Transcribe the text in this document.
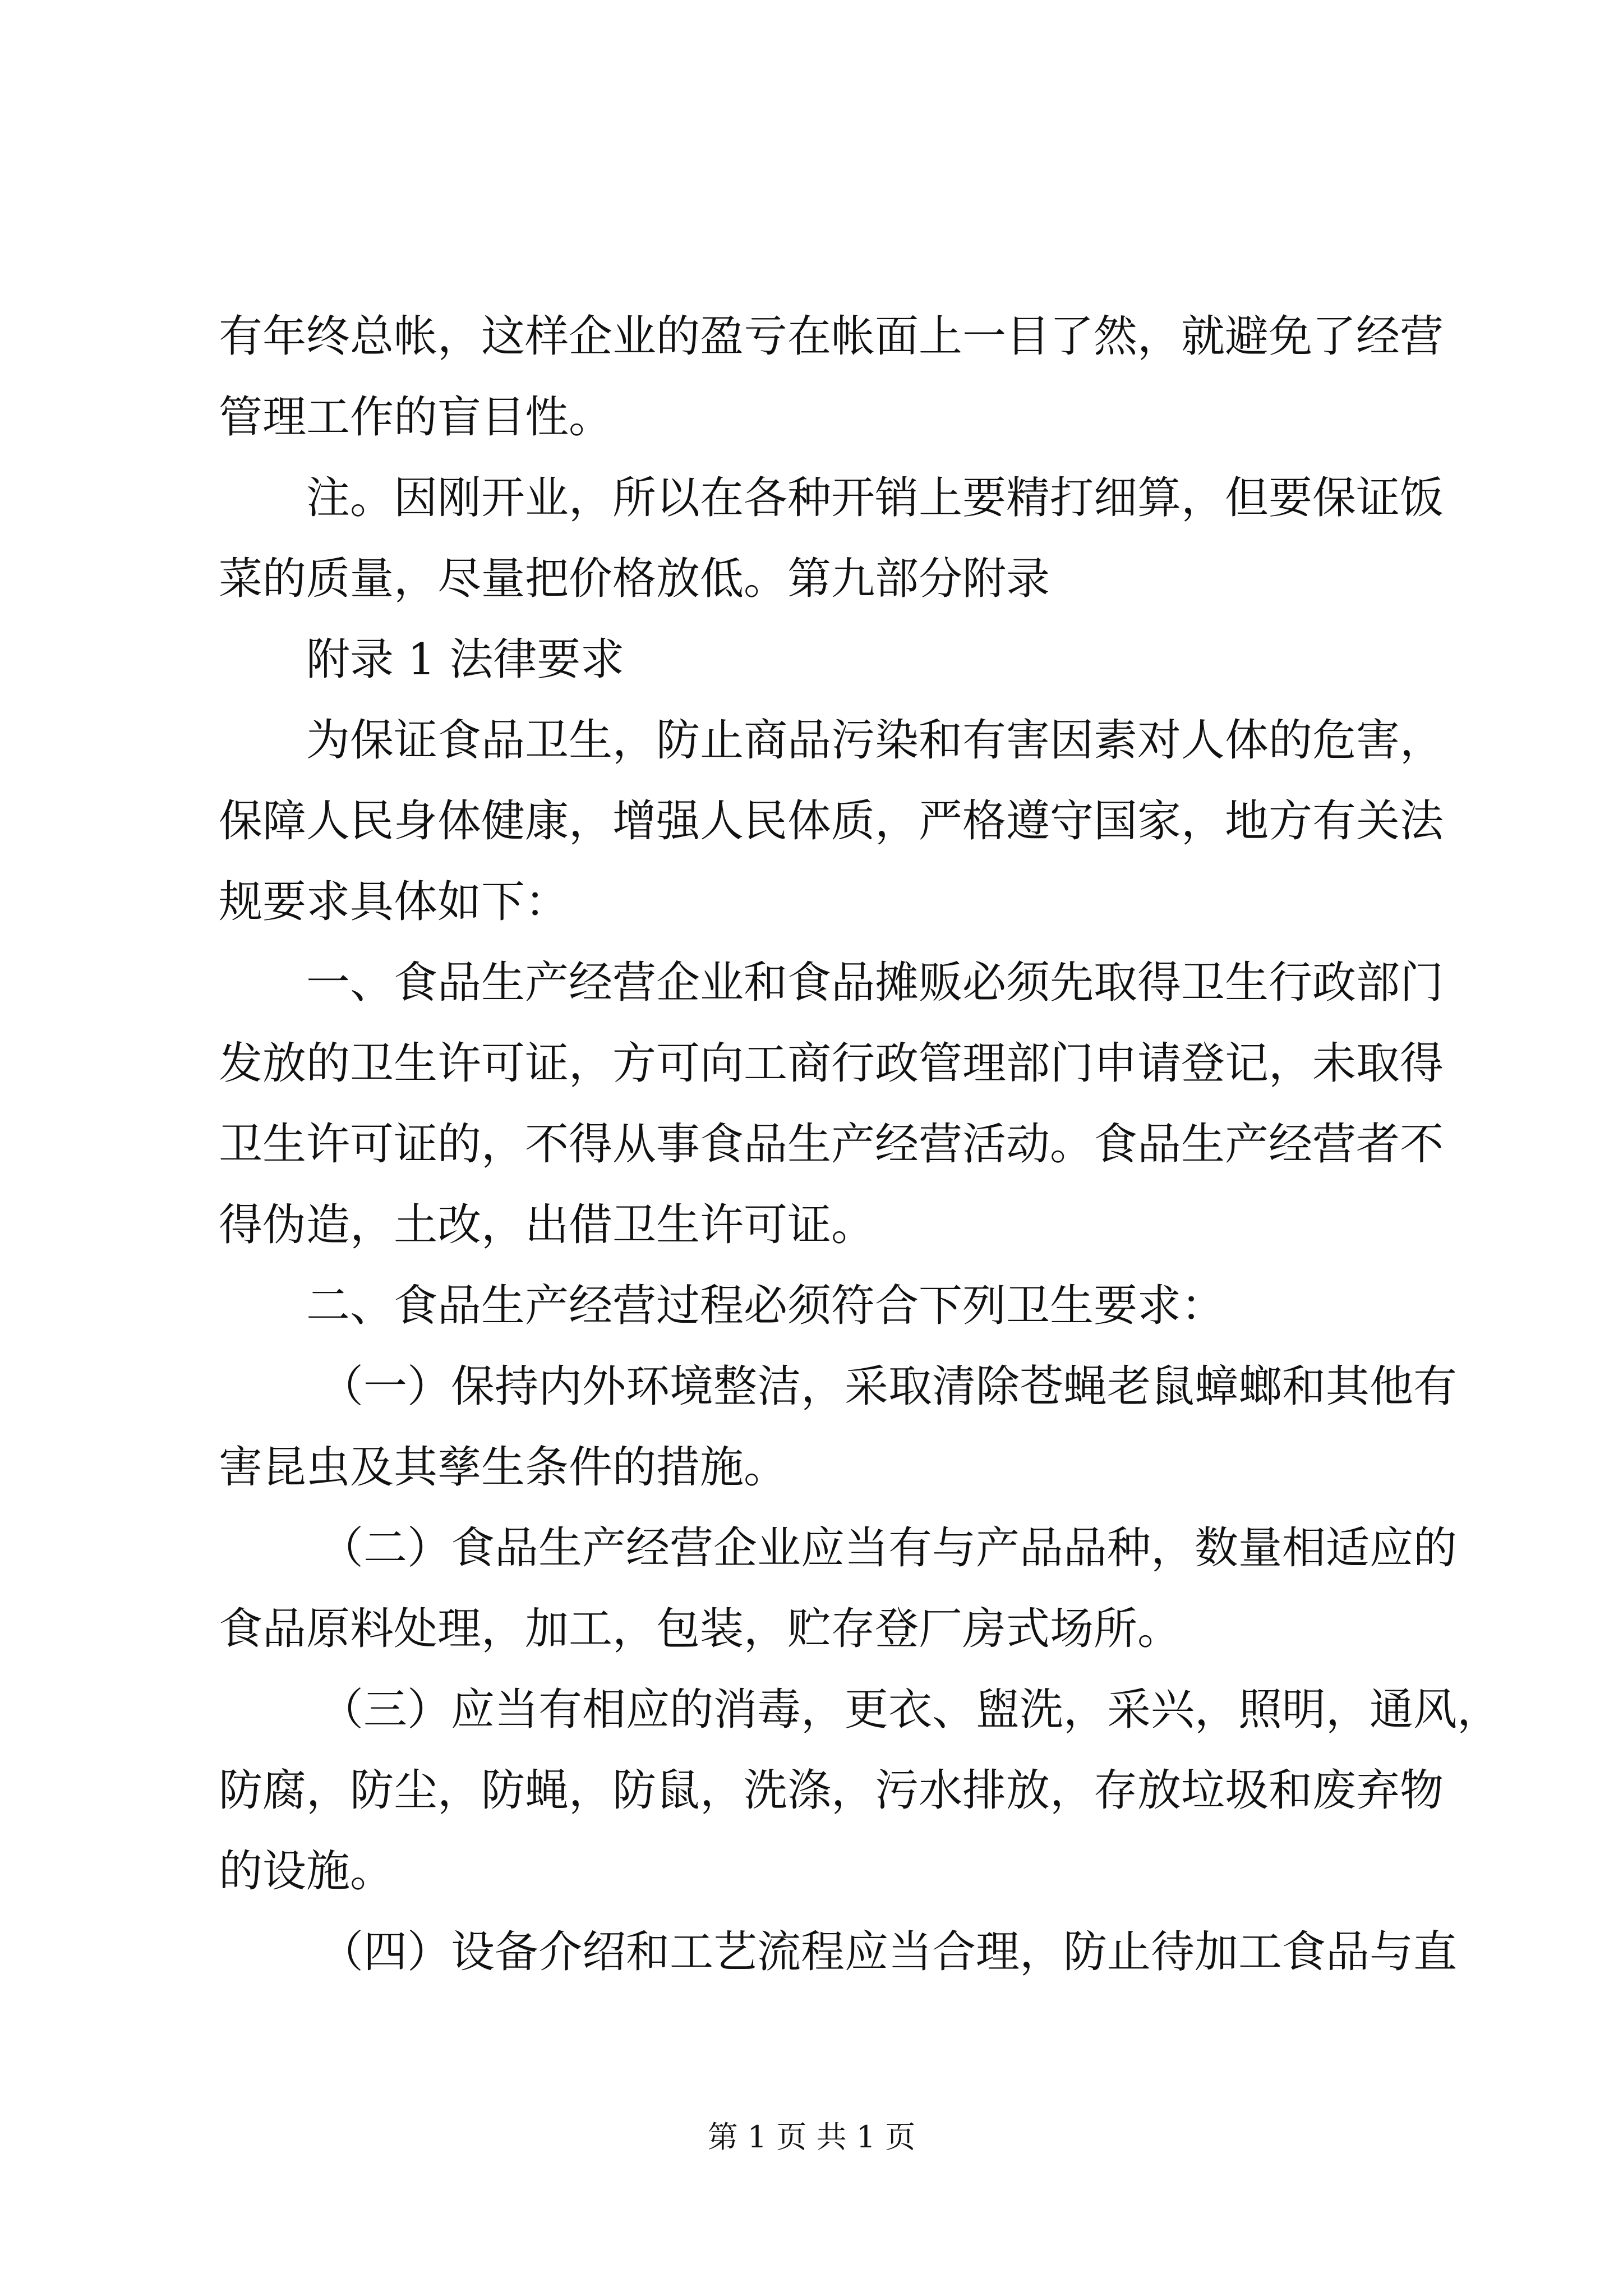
有年终总帐，这样企业的盈亏在帐面上一目了然，就避免了经营
管理工作的盲目性。
注。因刚开业，所以在各种开销上要精打细算，但要保证饭
菜的质量，尽量把价格放低。第九部分附录
附录 1 法律要求
为保证食品卫生，防止商品污染和有害因素对人体的危害，
保障人民身体健康，增强人民体质，严格遵守国家，地方有关法
规要求具体如下：
一、食品生产经营企业和食品摊贩必须先取得卫生行政部门
发放的卫生许可证，方可向工商行政管理部门申请登记，未取得
卫生许可证的，不得从事食品生产经营活动。食品生产经营者不
得伪造，土改，出借卫生许可证。
二、食品生产经营过程必须符合下列卫生要求：
（一）保持内外环境整洁，采取清除苍蝇老鼠蟑螂和其他有
害昆虫及其孳生条件的措施。
（二）食品生产经营企业应当有与产品品种，数量相适应的
食品原料处理，加工，包装，贮存登厂房式场所。
（三）应当有相应的消毒，更衣、盥洗，采兴，照明，通风，
防腐，防尘，防蝇，防鼠，洗涤，污水排放，存放垃圾和废弃物
的设施。
（四）设备介绍和工艺流程应当合理，防止待加工食品与直
第 1 页 共 1 页
